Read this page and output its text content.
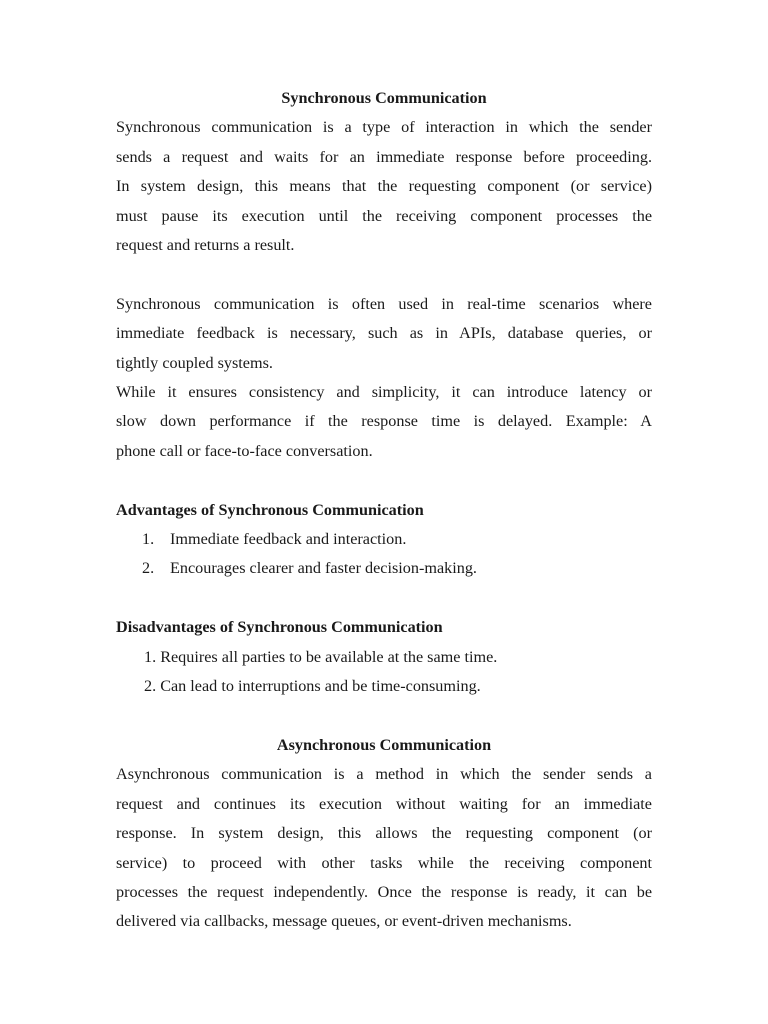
Synchronous Communication

Synchronous communication is a type of interaction in which the sender

sends a request and waits for an immediate response before proceeding.

In system design, this means that the requesting component (or service)

must pause its execution until the receiving component processes the

request and returns a result.

Synchronous communication is often used in real-time scenarios where

immediate feedback is necessary, such as in APIs, database queries, or

tightly coupled systems.

While it ensures consistency and simplicity, it can introduce latency or

slow down performance if the response time is delayed. Example: A

phone call or face-to-face conversation.

Advantages of Synchronous Communication

1. Immediate feedback and interaction.
2. Encourages clearer and faster decision-making.

Disadvantages of Synchronous Communication

1. Requires all parties to be available at the same time.
2. Can lead to interruptions and be time-consuming.

Asynchronous Communication

Asynchronous communication is a method in which the sender sends a

request and continues its execution without waiting for an immediate

response. In system design, this allows the requesting component (or

service) to proceed with other tasks while the receiving component

processes the request independently. Once the response is ready, it can be

delivered via callbacks, message queues, or event-driven mechanisms.
